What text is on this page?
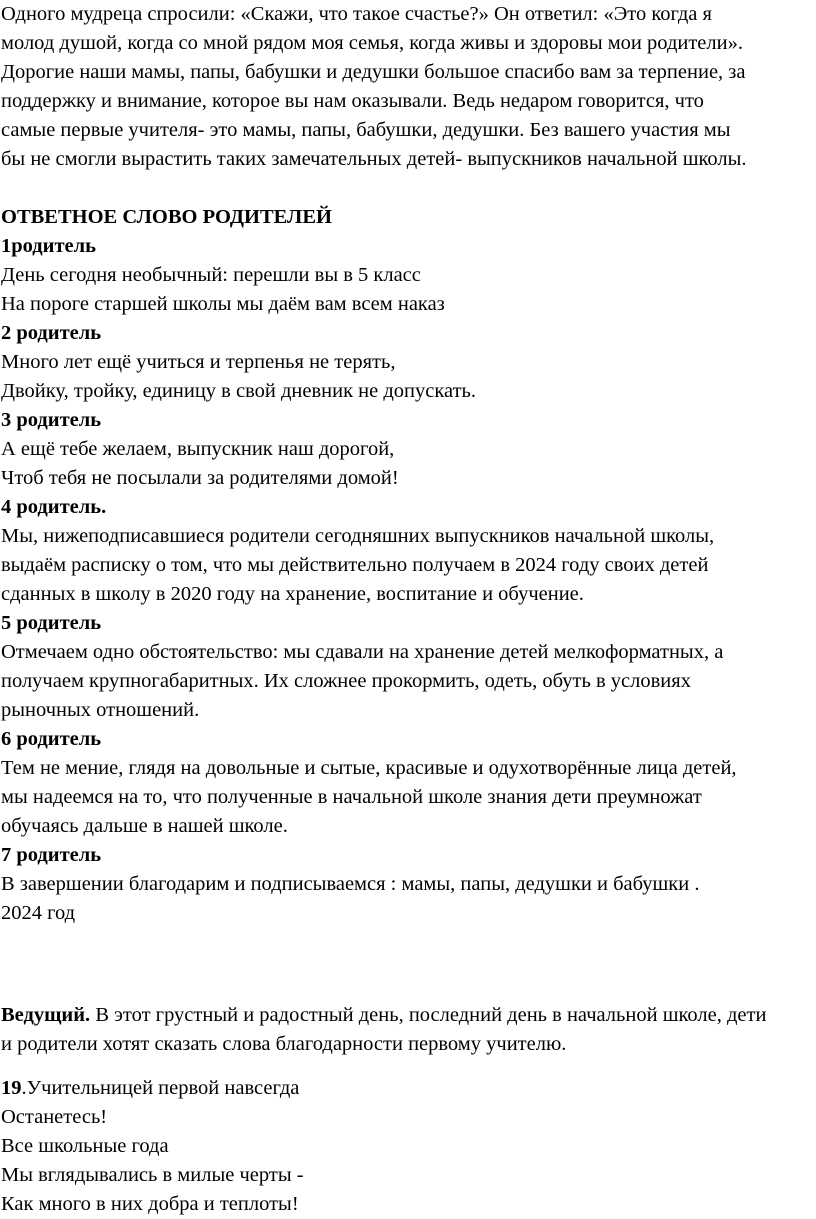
Одного мудреца спросили: «Скажи, что такое счастье?» Он ответил: «Это когда я
молод душой, когда со мной рядом моя семья, когда живы и здоровы мои родители».
Дорогие наши мамы, папы, бабушки и дедушки большое спасибо вам за терпение, за
поддержку и внимание, которое вы нам оказывали. Ведь недаром говорится, что
самые первые учителя- это мамы, папы, бабушки, дедушки. Без вашего участия мы
бы не смогли вырастить таких замечательных детей- выпускников начальной школы.
ОТВЕТНОЕ СЛОВО РОДИТЕЛЕЙ
1родитель
День сегодня необычный: перешли вы в 5 класс
На пороге старшей школы мы даём вам всем наказ
2 родитель
Много лет ещё учиться и терпенья не терять,
Двойку, тройку, единицу в свой дневник не допускать.
3 родитель
А ещё тебе желаем, выпускник наш дорогой,
Чтоб тебя не посылали за родителями домой!
4 родитель.
Мы, нижеподписавшиеся родители сегодняшних выпускников начальной школы,
выдаём расписку о том, что мы действительно получаем в 2024 году своих детей
сданных в школу в 2020 году на хранение, воспитание и обучение.
5 родитель
Отмечаем одно обстоятельство: мы сдавали на хранение детей мелкоформатных, а
получаем крупногабаритных. Их сложнее прокормить, одеть, обуть в условиях
рыночных отношений.
6 родитель
Тем не мение, глядя на довольные и сытые, красивые и одухотворённые лица детей,
мы надеемся на то, что полученные в начальной школе знания дети преумножат
обучаясь дальше в нашей школе.
7 родитель
В завершении благодарим и подписываемся : мамы, папы, дедушки и бабушки .
2024 год
Ведущий. В этот грустный и радостный день, последний день в начальной школе, дети
и родители хотят сказать слова благодарности первому учителю.
19.Учительницей первой навсегда
Останетесь!
Все школьные года
Мы вглядывались в милые черты -
Как много в них добра и теплоты!
